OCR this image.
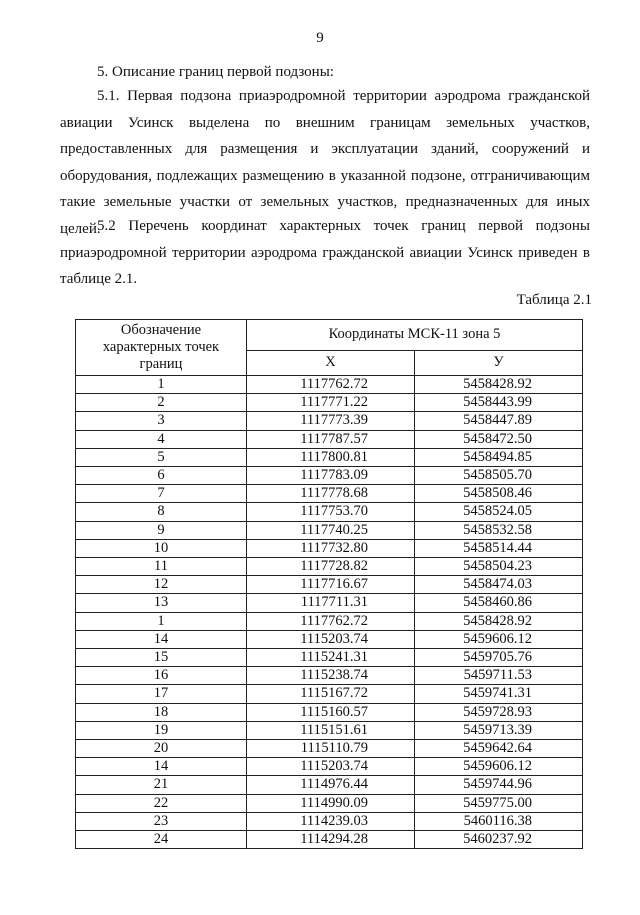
9

5. Описание границ первой подзоны:

5.1. Первая подзона приаэродромной территории аэродрома гражданской авиации Усинск выделена по внешним границам земельных участков, предоставленных для размещения и эксплуатации зданий, сооружений и оборудования, подлежащих размещению в указанной подзоне, отграничивающим такие земельные участки от земельных участков, предназначенных для иных целей.

5.2 Перечень координат характерных точек границ первой подзоны приаэродромной территории аэродрома гражданской авиации Усинск приведен в таблице 2.1.

Таблица 2.1
Обозначение характерных точек границ	Координаты МСК-11 зона 5	
	X	У
1	1117762.72	5458428.92
2	1117771.22	5458443.99
3	1117773.39	5458447.89
4	1117787.57	5458472.50
5	1117800.81	5458494.85
6	1117783.09	5458505.70
7	1117778.68	5458508.46
8	1117753.70	5458524.05
9	1117740.25	5458532.58
10	1117732.80	5458514.44
11	1117728.82	5458504.23
12	1117716.67	5458474.03
13	1117711.31	5458460.86
1	1117762.72	5458428.92
14	1115203.74	5459606.12
15	1115241.31	5459705.76
16	1115238.74	5459711.53
17	1115167.72	5459741.31
18	1115160.57	5459728.93
19	1115151.61	5459713.39
20	1115110.79	5459642.64
14	1115203.74	5459606.12
21	1114976.44	5459744.96
22	1114990.09	5459775.00
23	1114239.03	5460116.38
24	1114294.28	5460237.92
